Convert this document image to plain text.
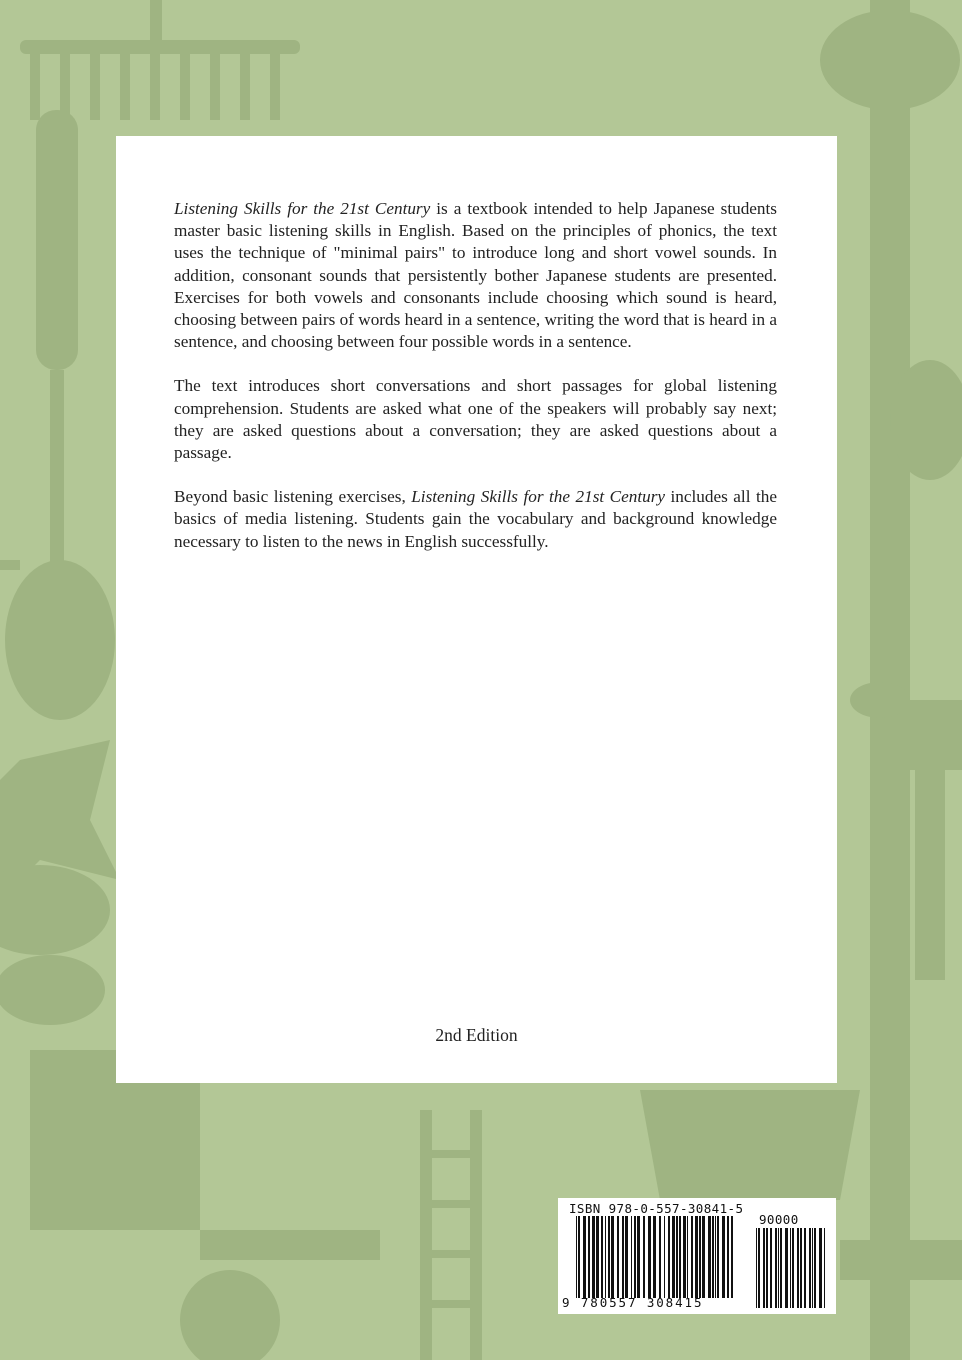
Listening Skills for the 21st Century is a textbook intended to help Japanese students master basic listening skills in English. Based on the principles of phonics, the text uses the technique of "minimal pairs" to introduce long and short vowel sounds. In addition, consonant sounds that persistently bother Japanese students are presented. Exercises for both vowels and consonants include choosing which sound is heard, choosing between pairs of words heard in a sentence, writing the word that is heard in a sentence, and choosing between four possible words in a sentence.

The text introduces short conversations and short passages for global listening comprehension. Students are asked what one of the speakers will probably say next; they are asked questions about a conversation; they are asked questions about a passage.

Beyond basic listening exercises, Listening Skills for the 21st Century includes all the basics of media listening. Students gain the vocabulary and background knowledge necessary to listen to the news in English successfully.

2nd Edition
ISBN 978-0-557-30841-5
90000
9 780557 308415
